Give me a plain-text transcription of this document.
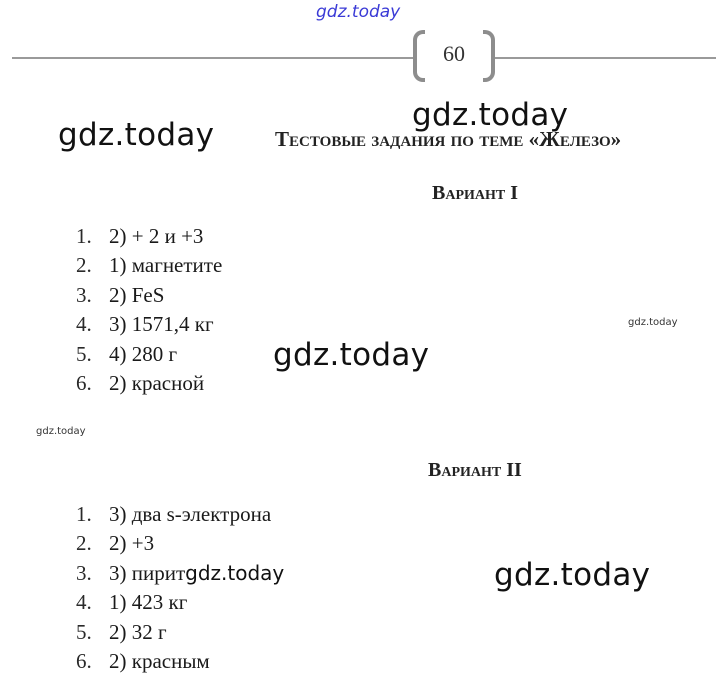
gdz.today
gdz.today
gdz.today
gdz.today
gdz.today
gdz.today
gdz.today
60
Тестовые задания по теме «Железо»
Вариант I
1. 2) + 2 и +3
2. 1) магнетите
3. 2) FeS
4. 3) 1571,4 кг
5. 4) 280 г
6. 2) красной
Вариант II
1. 3) два s-электрона
2. 2) +3
3. 3) пиритgdz.today
4. 1) 423 кг
5. 2) 32 г
6. 2) красным
